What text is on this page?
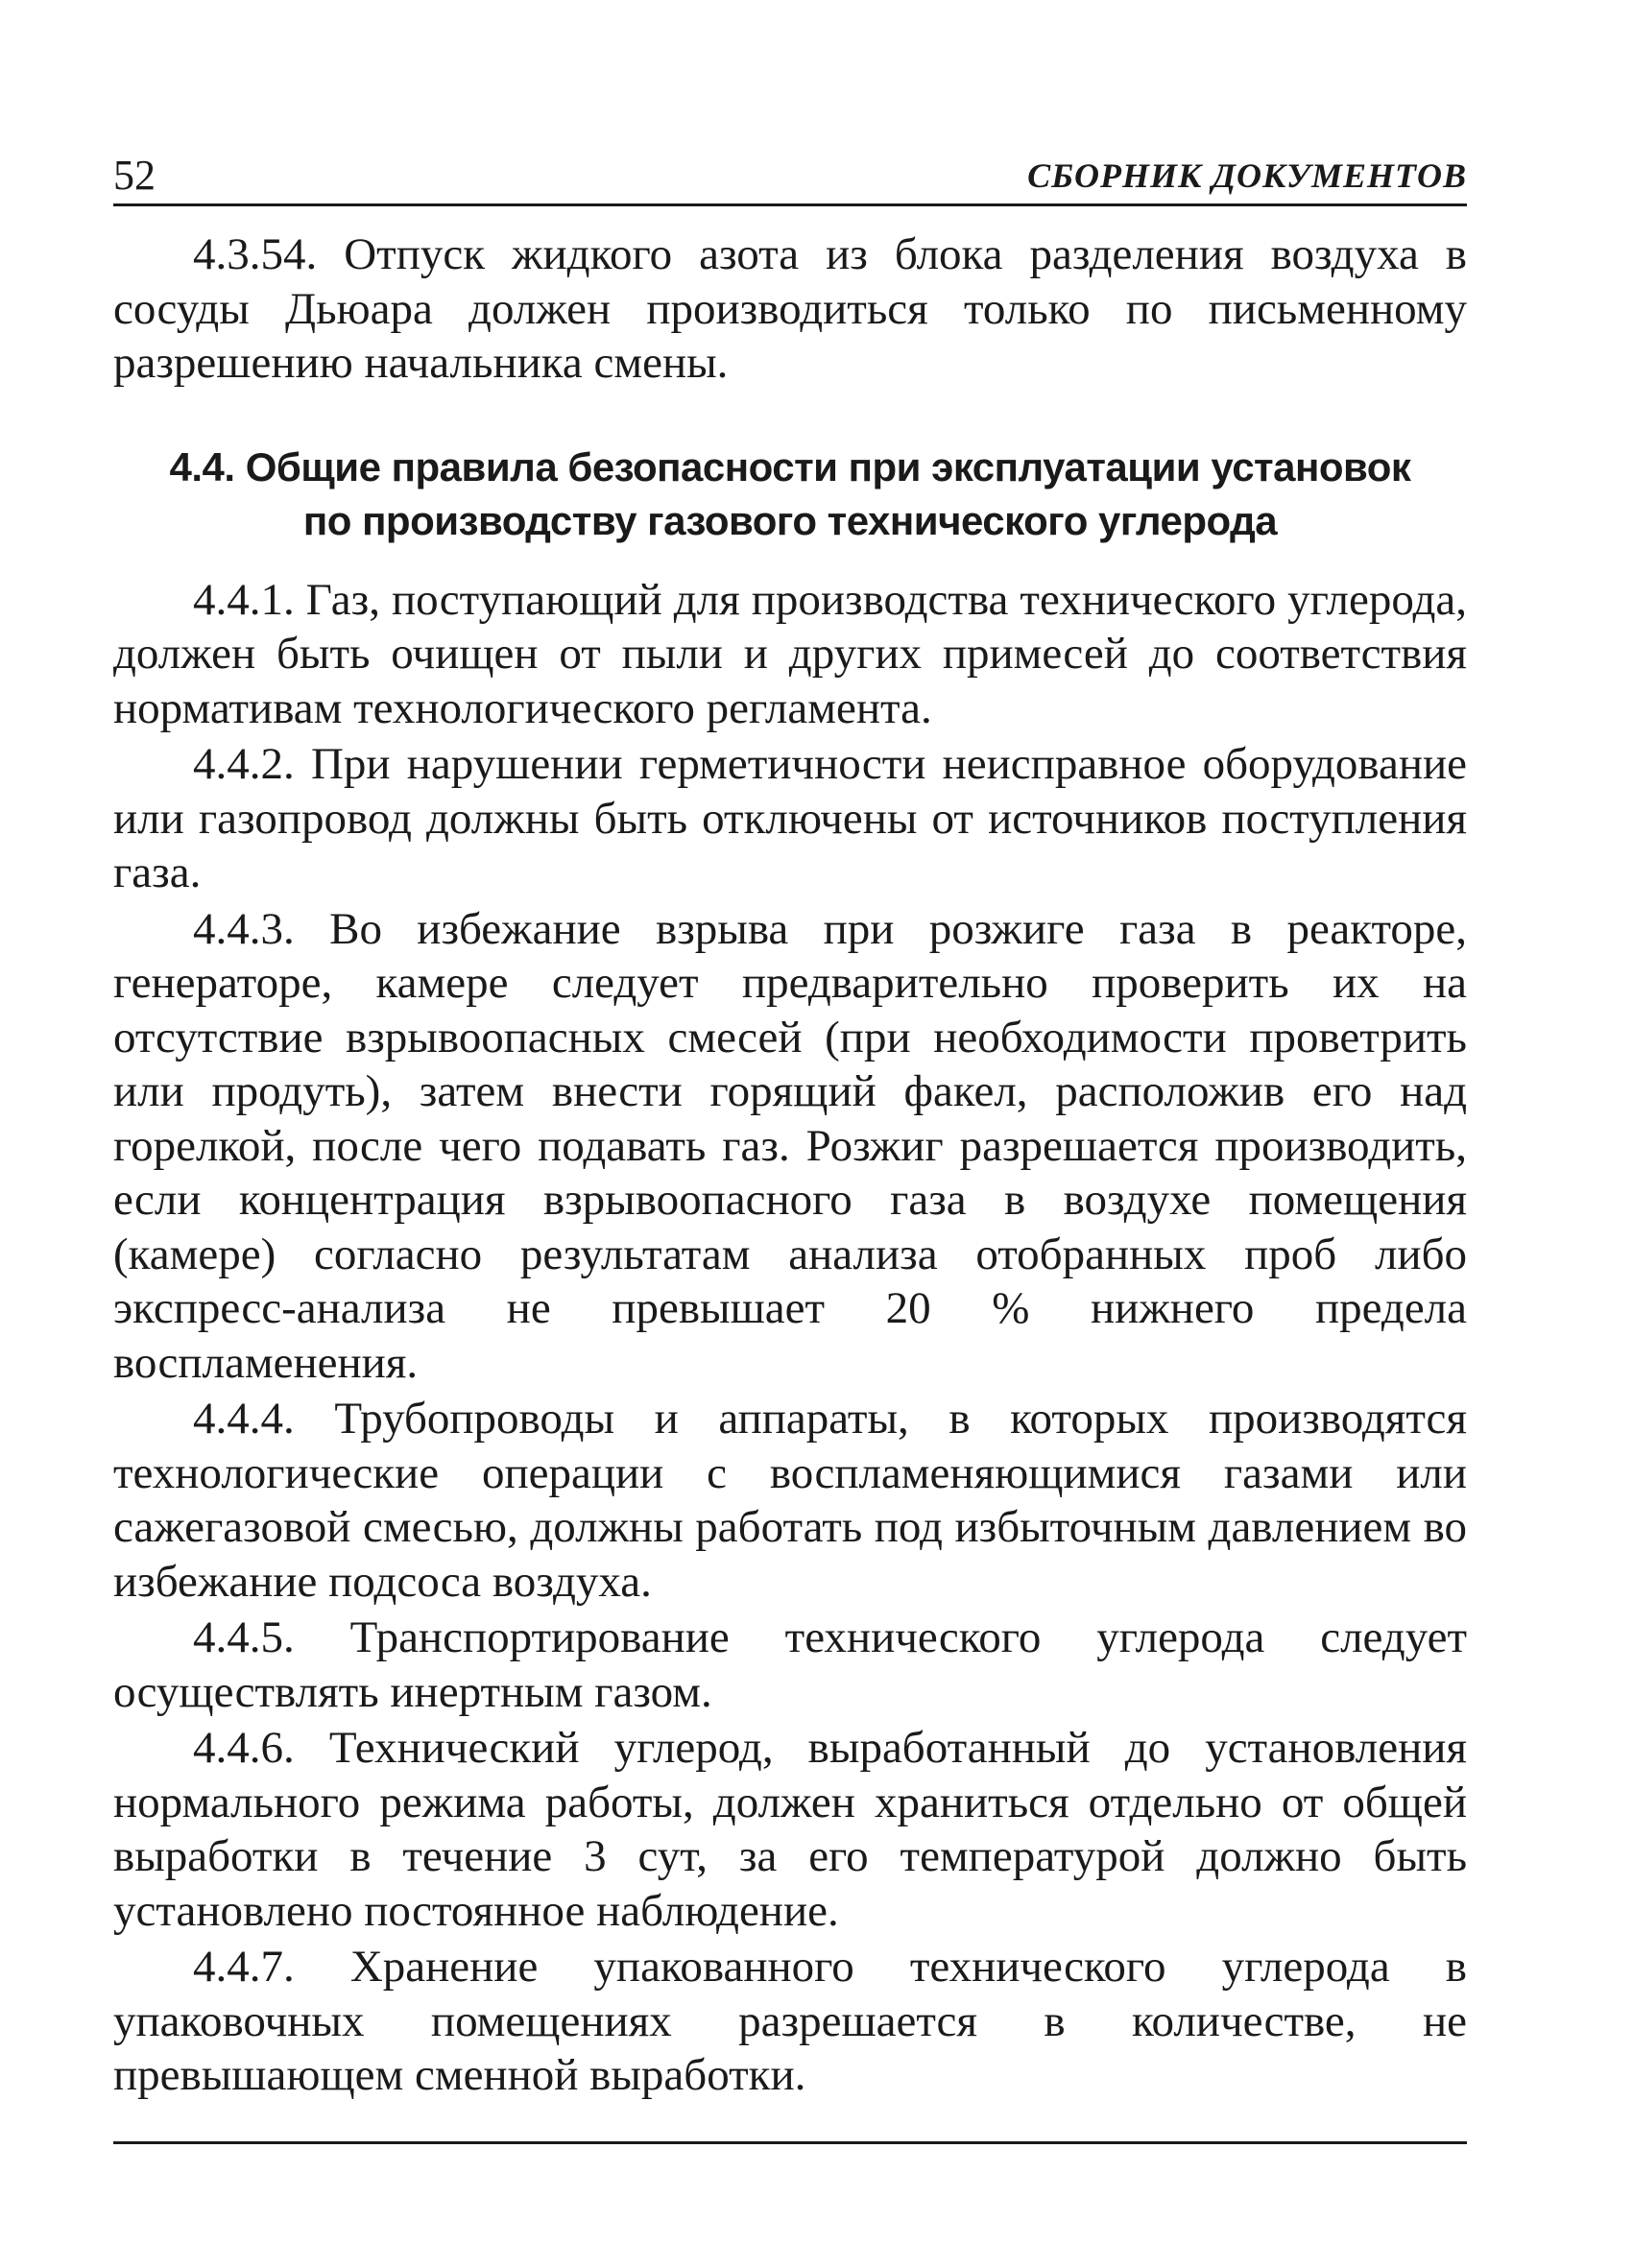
52	СБОРНИК ДОКУМЕНТОВ

4.3.54. Отпуск жидкого азота из блока разделения воздуха в сосуды Дьюара должен производиться только по письменному разрешению начальника смены.

4.4. Общие правила безопасности при эксплуатации установок
по производству газового технического углерода

4.4.1. Газ, поступающий для производства технического углерода, должен быть очищен от пыли и других примесей до соответствия нормативам технологического регламента.

4.4.2. При нарушении герметичности неисправное оборудование или газопровод должны быть отключены от источников поступления газа.

4.4.3. Во избежание взрыва при розжиге газа в реакторе, генераторе, камере следует предварительно проверить их на отсутствие взрывоопасных смесей (при необходимости проветрить или продуть), затем внести горящий факел, расположив его над горелкой, после чего подавать газ. Розжиг разрешается производить, если концентрация взрывоопасного газа в воздухе помещения (камере) согласно результатам анализа отобранных проб либо экспресс-анализа не превышает 20 % нижнего предела воспламенения.

4.4.4. Трубопроводы и аппараты, в которых производятся технологические операции с воспламеняющимися газами или сажегазовой смесью, должны работать под избыточным давлением во избежание подсоса воздуха.

4.4.5. Транспортирование технического углерода следует осуществлять инертным газом.

4.4.6. Технический углерод, выработанный до установления нормального режима работы, должен храниться отдельно от общей выработки в течение 3 сут, за его температурой должно быть установлено постоянное наблюдение.

4.4.7. Хранение упакованного технического углерода в упаковочных помещениях разрешается в количестве, не превышающем сменной выработки.
